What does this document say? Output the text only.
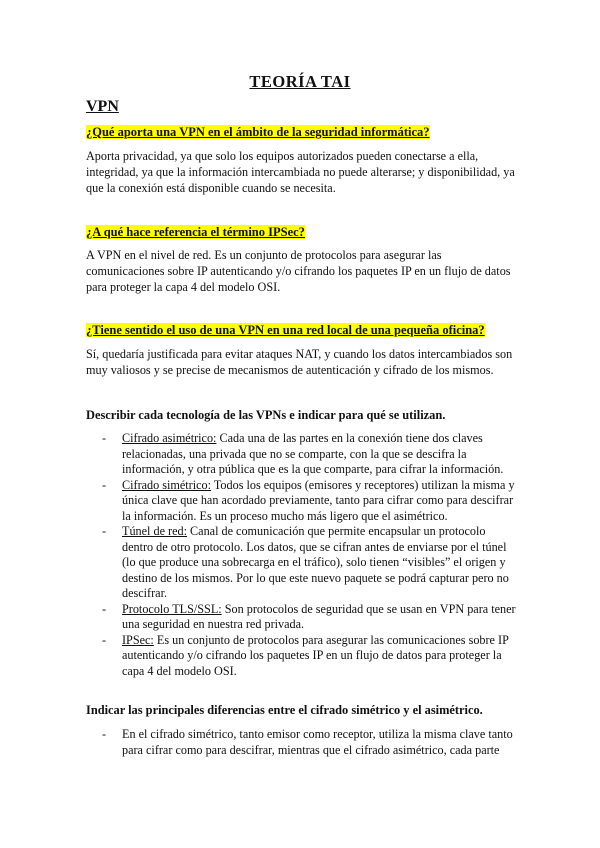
TEORÍA TAI
VPN
¿Qué aporta una VPN en el ámbito de la seguridad informática?
Aporta privacidad, ya que solo los equipos autorizados pueden conectarse a ella, integridad, ya que la información intercambiada no puede alterarse; y disponibilidad, ya que la conexión está disponible cuando se necesita.
¿A qué hace referencia el término IPSec?
A VPN en el nivel de red. Es un conjunto de protocolos para asegurar las comunicaciones sobre IP autenticando y/o cifrando los paquetes IP en un flujo de datos para proteger la capa 4 del modelo OSI.
¿Tiene sentido el uso de una VPN en una red local de una pequeña oficina?
Sí, quedaría justificada para evitar ataques NAT, y cuando los datos intercambiados son muy valiosos y se precise de mecanismos de autenticación y cifrado de los mismos.
Describir cada tecnología de las VPNs e indicar para qué se utilizan.
- Cifrado asimétrico: Cada una de las partes en la conexión tiene dos claves relacionadas, una privada que no se comparte, con la que se descifra la información, y otra pública que es la que comparte, para cifrar la información.
- Cifrado simétrico: Todos los equipos (emisores y receptores) utilizan la misma y única clave que han acordado previamente, tanto para cifrar como para descifrar la información. Es un proceso mucho más ligero que el asimétrico.
- Túnel de red: Canal de comunicación que permite encapsular un protocolo dentro de otro protocolo. Los datos, que se cifran antes de enviarse por el túnel (lo que produce una sobrecarga en el tráfico), solo tienen “visibles” el origen y destino de los mismos. Por lo que este nuevo paquete se podrá capturar pero no descifrar.
- Protocolo TLS/SSL: Son protocolos de seguridad que se usan en VPN para tener una seguridad en nuestra red privada.
- IPSec: Es un conjunto de protocolos para asegurar las comunicaciones sobre IP autenticando y/o cifrando los paquetes IP en un flujo de datos para proteger la capa 4 del modelo OSI.
Indicar las principales diferencias entre el cifrado simétrico y el asimétrico.
- En el cifrado simétrico, tanto emisor como receptor, utiliza la misma clave tanto para cifrar como para descifrar, mientras que el cifrado asimétrico, cada parte
